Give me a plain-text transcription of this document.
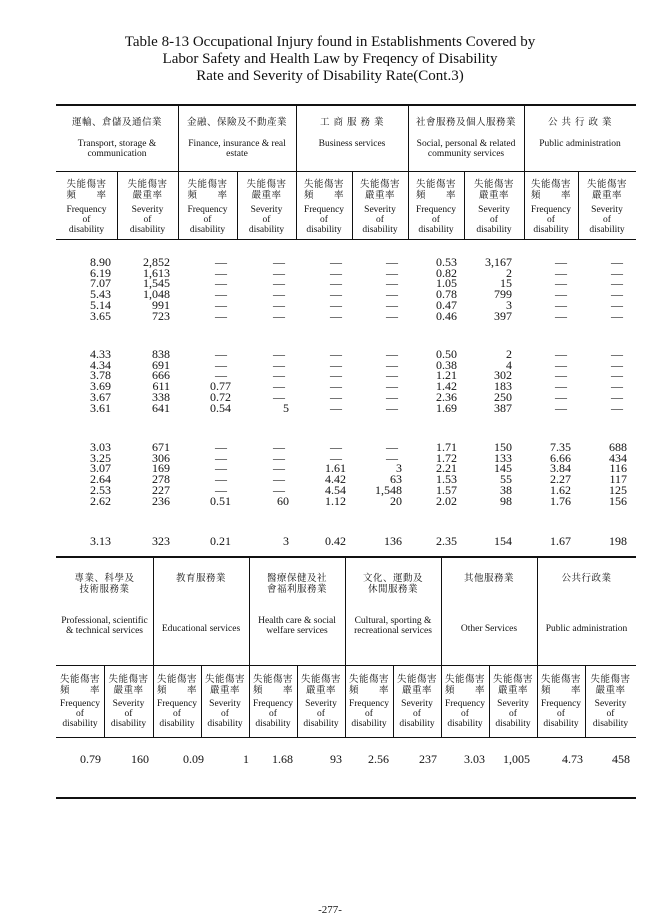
Table 8-13 Occupational Injury found in Establishments Covered by
Labor Safety and Health Law by Freqency of Disability
Rate and Severity of Disability Rate(Cont.3)
運輸、倉儲及通信業
Transport, storage & communication
金融、保險及不動產業
Finance, insurance & real estate
工 商 服 務 業
Business services
社會服務及個人服務業
Social, personal & related community services
公 共 行 政 業
Public administration
失能傷害
頻　　率
Frequency
of
disability
失能傷害
嚴重率
Severity
of
disability
失能傷害
頻　　率
Frequency
of
disability
失能傷害
嚴重率
Severity
of
disability
失能傷害
頻　　率
Frequency
of
disability
失能傷害
嚴重率
Severity
of
disability
失能傷害
頻　　率
Frequency
of
disability
失能傷害
嚴重率
Severity
of
disability
失能傷害
頻　　率
Frequency
of
disability
失能傷害
嚴重率
Severity
of
disability
8.90	2,852	—	—	—	—	0.53	3,167	—	—
6.19	1,613	—	—	—	—	0.82	2	—	—
7.07	1,545	—	—	—	—	1.05	15	—	—
5.43	1,048	—	—	—	—	0.78	799	—	—
5.14	991	—	—	—	—	0.47	3	—	—
3.65	723	—	—	—	—	0.46	397	—	—
4.33	838	—	—	—	—	0.50	2	—	—
4.34	691	—	—	—	—	0.38	4	—	—
3.78	666	—	—	—	—	1.21	302	—	—
3.69	611	0.77	—	—	—	1.42	183	—	—
3.67	338	0.72	—	—	—	2.36	250	—	—
3.61	641	0.54	5	—	—	1.69	387	—	—
3.03	671	—	—	—	—	1.71	150	7.35	688
3.25	306	—	—	—	—	1.72	133	6.66	434
3.07	169	—	—	1.61	3	2.21	145	3.84	116
2.64	278	—	—	4.42	63	1.53	55	2.27	117
2.53	227	—	—	4.54	1,548	1.57	38	1.62	125
2.62	236	0.51	60	1.12	20	2.02	98	1.76	156
3.13	323	0.21	3	0.42	136	2.35	154	1.67	198
專業、科學及
技術服務業
Professional, scientific & technical services
教育服務業
Educational services
醫療保健及社
會福利服務業
Health care & social welfare services
文化、運動及
休閒服務業
Cultural, sporting & recreational services
其他服務業
Other Services
公共行政業
Public administration
失能傷害
頻　　率
Frequency
of
disability
失能傷害
嚴重率
Severity
of
disability
失能傷害
頻　　率
Frequency
of
disability
失能傷害
嚴重率
Severity
of
disability
失能傷害
頻　　率
Frequency
of
disability
失能傷害
嚴重率
Severity
of
disability
失能傷害
頻　　率
Frequency
of
disability
失能傷害
嚴重率
Severity
of
disability
失能傷害
頻　　率
Frequency
of
disability
失能傷害
嚴重率
Severity
of
disability
失能傷害
頻　　率
Frequency
of
disability
失能傷害
嚴重率
Severity
of
disability
0.79	160	0.09	1	1.68	93	2.56	237	3.03	1,005	4.73	458
-277-
